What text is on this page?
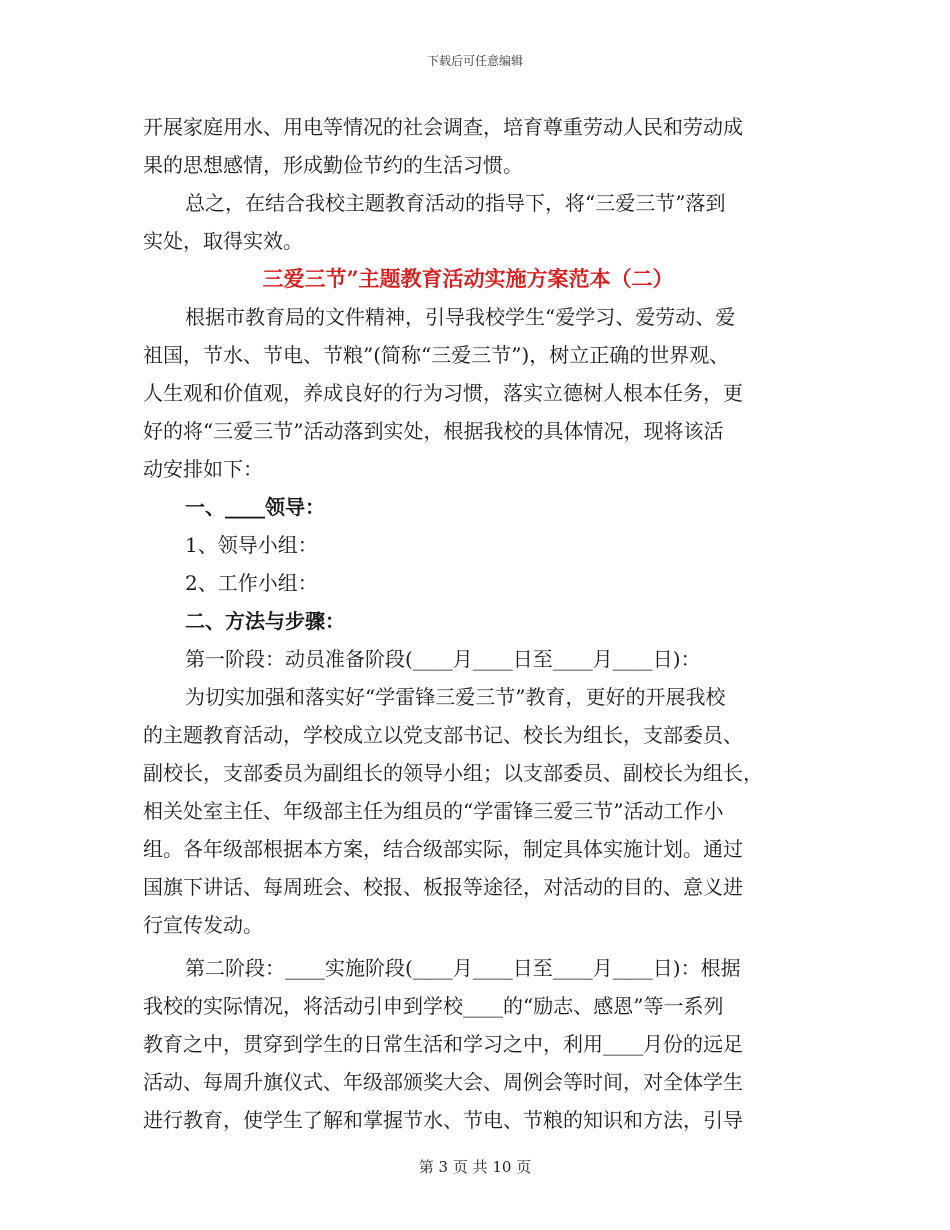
下载后可任意编辑
开展家庭用水、用电等情况的社会调查，培育尊重劳动人民和劳动成
果的思想感情，形成勤俭节约的生活习惯。
总之，在结合我校主题教育活动的指导下，将“三爱三节”落到
实处，取得实效。
三爱三节”主题教育活动实施方案范本（二）
根据市教育局的文件精神，引导我校学生“爱学习、爱劳动、爱
祖国，节水、节电、节粮”(简称“三爱三节”)，树立正确的世界观、
人生观和价值观，养成良好的行为习惯，落实立德树人根本任务，更
好的将“三爱三节”活动落到实处，根据我校的具体情况，现将该活
动安排如下：
一、____领导：
1、领导小组：
2、工作小组：
二、方法与步骤：
第一阶段：动员准备阶段(____月____日至____月____日)：
为切实加强和落实好“学雷锋三爱三节”教育，更好的开展我校
的主题教育活动，学校成立以党支部书记、校长为组长，支部委员、
副校长，支部委员为副组长的领导小组；以支部委员、副校长为组长，
相关处室主任、年级部主任为组员的“学雷锋三爱三节”活动工作小
组。各年级部根据本方案，结合级部实际，制定具体实施计划。通过
国旗下讲话、每周班会、校报、板报等途径，对活动的目的、意义进
行宣传发动。
第二阶段：____实施阶段(____月____日至____月____日)：根据
我校的实际情况，将活动引申到学校____的“励志、感恩”等一系列
教育之中，贯穿到学生的日常生活和学习之中，利用____月份的远足
活动、每周升旗仪式、年级部颁奖大会、周例会等时间，对全体学生
进行教育，使学生了解和掌握节水、节电、节粮的知识和方法，引导
第 3 页 共 10 页
